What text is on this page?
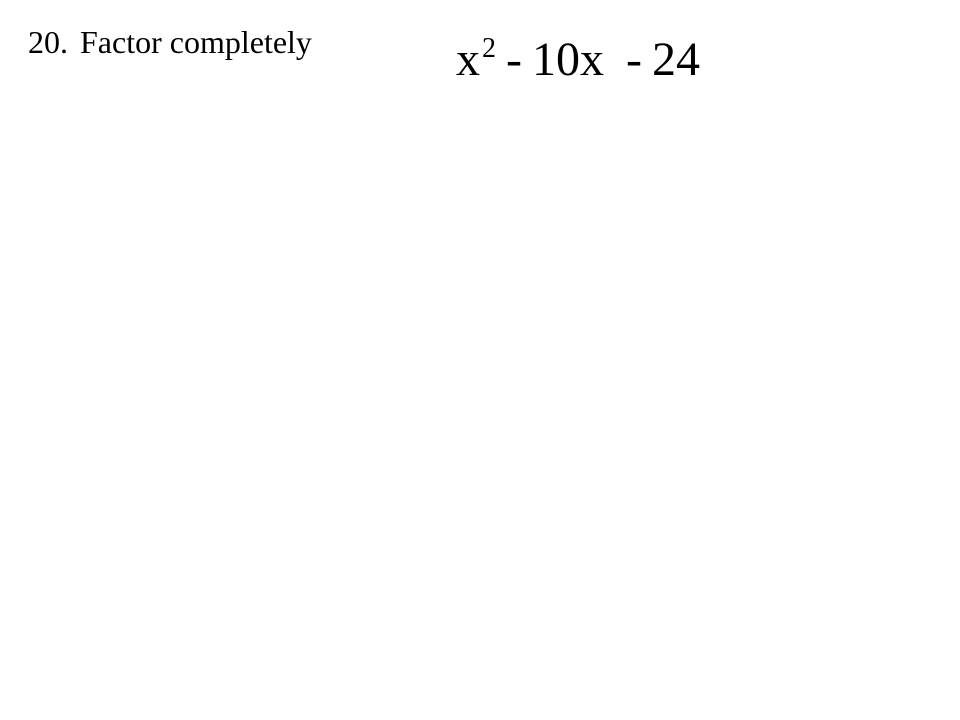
20. Factor completely	$x^2 - 10x - 24$
